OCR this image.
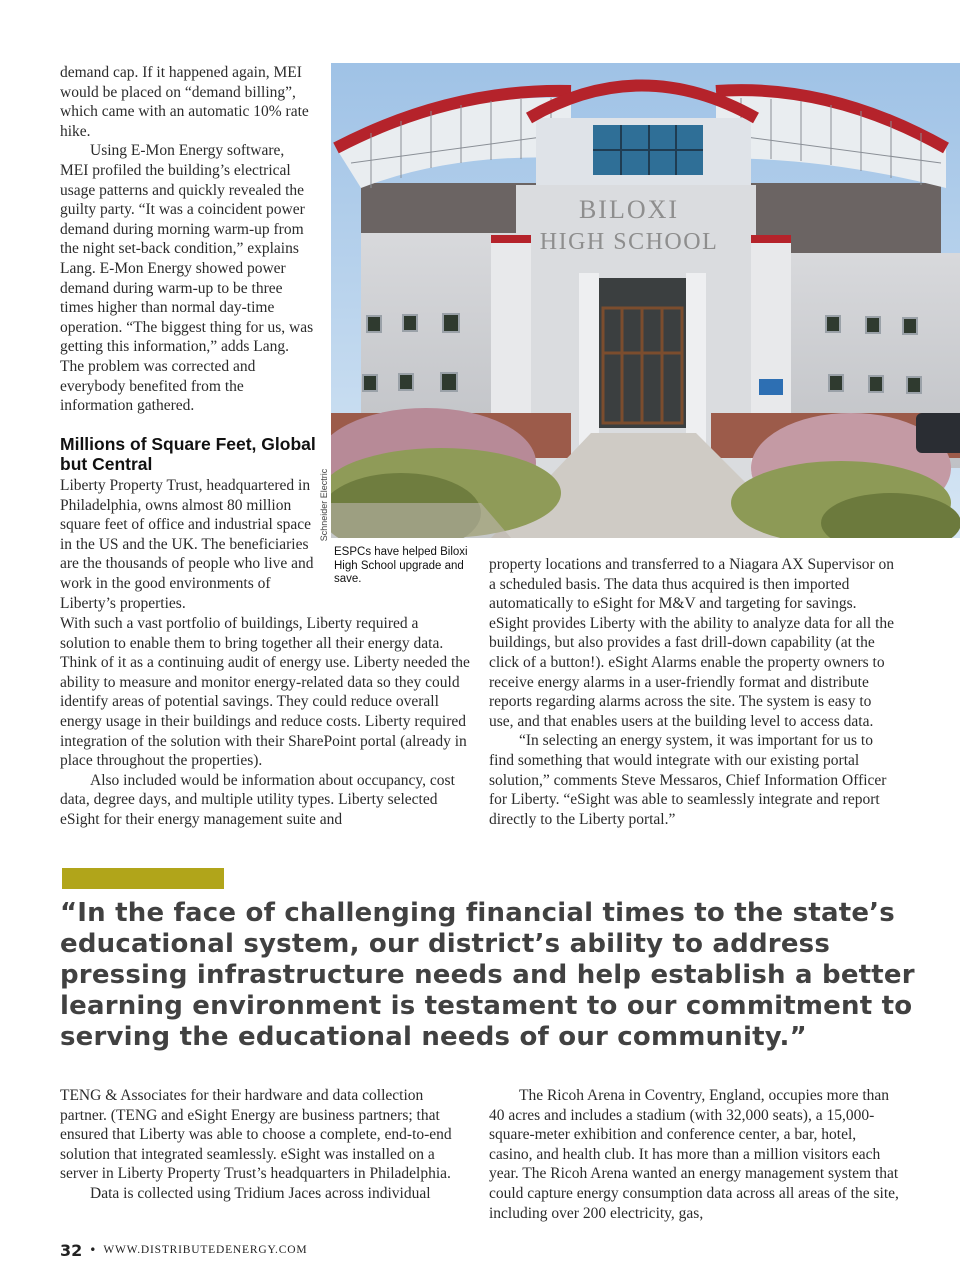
demand cap. If it happened again, MEI would be placed on “demand billing”, which came with an automatic 10% rate hike.

Using E-Mon Energy software, MEI profiled the building’s electrical usage patterns and quickly revealed the guilty party. “It was a coincident power demand during morning warm-up from the night set-back condition,” explains Lang. E-Mon Energy showed power demand during warm-up to be three times higher than normal day-time operation. “The biggest thing for us, was getting this information,” adds Lang. The problem was corrected and everybody benefited from the information gathered.

Millions of Square Feet, Global but Central

Liberty Property Trust, headquartered in Philadelphia, owns almost 80 million square feet of office and industrial space in the US and the UK. The beneficiaries are the thousands of people who live and work in the good environments of Liberty’s properties.

With such a vast portfolio of buildings, Liberty required a solution to enable them to bring together all their energy data. Think of it as a continuing audit of energy use. Liberty needed the ability to measure and monitor energy-related data so they could identify areas of potential savings. They could reduce overall energy usage in their buildings and reduce costs. Liberty required integration of the solution with their SharePoint portal (already in place throughout the properties).

Also included would be information about occupancy, cost data, degree days, and multiple utility types. Liberty selected eSight for their energy management suite and

BILOXI
HIGH SCHOOL
Schneider Electric

ESPCs have helped Biloxi High School upgrade and save.

property locations and transferred to a Niagara AX Supervisor on a scheduled basis. The data thus acquired is then imported automatically to eSight for M&V and targeting for savings. eSight provides Liberty with the ability to analyze data for all the buildings, but also provides a fast drill-down capability (at the click of a button!). eSight Alarms enable the property owners to receive energy alarms in a user-friendly format and distribute reports regarding alarms across the site. The system is easy to use, and that enables users at the building level to access data.

“In selecting an energy system, it was important for us to find something that would integrate with our existing portal solution,” comments Steve Messaros, Chief Information Officer for Liberty. “eSight was able to seamlessly integrate and report directly to the Liberty portal.”

“In the face of challenging financial times to the state’s educational system, our district’s ability to address pressing infrastructure needs and help establish a better learning environment is testament to our commitment to serving the educational needs of our community.”

TENG & Associates for their hardware and data collection partner. (TENG and eSight Energy are business partners; that ensured that Liberty was able to choose a complete, end-to-end solution that integrated seamlessly. eSight was installed on a server in Liberty Property Trust’s headquarters in Philadelphia.

Data is collected using Tridium Jaces across individual

The Ricoh Arena in Coventry, England, occupies more than 40 acres and includes a stadium (with 32,000 seats), a 15,000-square-meter exhibition and conference center, a bar, hotel, casino, and health club. It has more than a million visitors each year. The Ricoh Arena wanted an energy management system that could capture energy consumption data across all areas of the site, including over 200 electricity, gas,

32 • WWW.DISTRIBUTEDENERGY.COM
